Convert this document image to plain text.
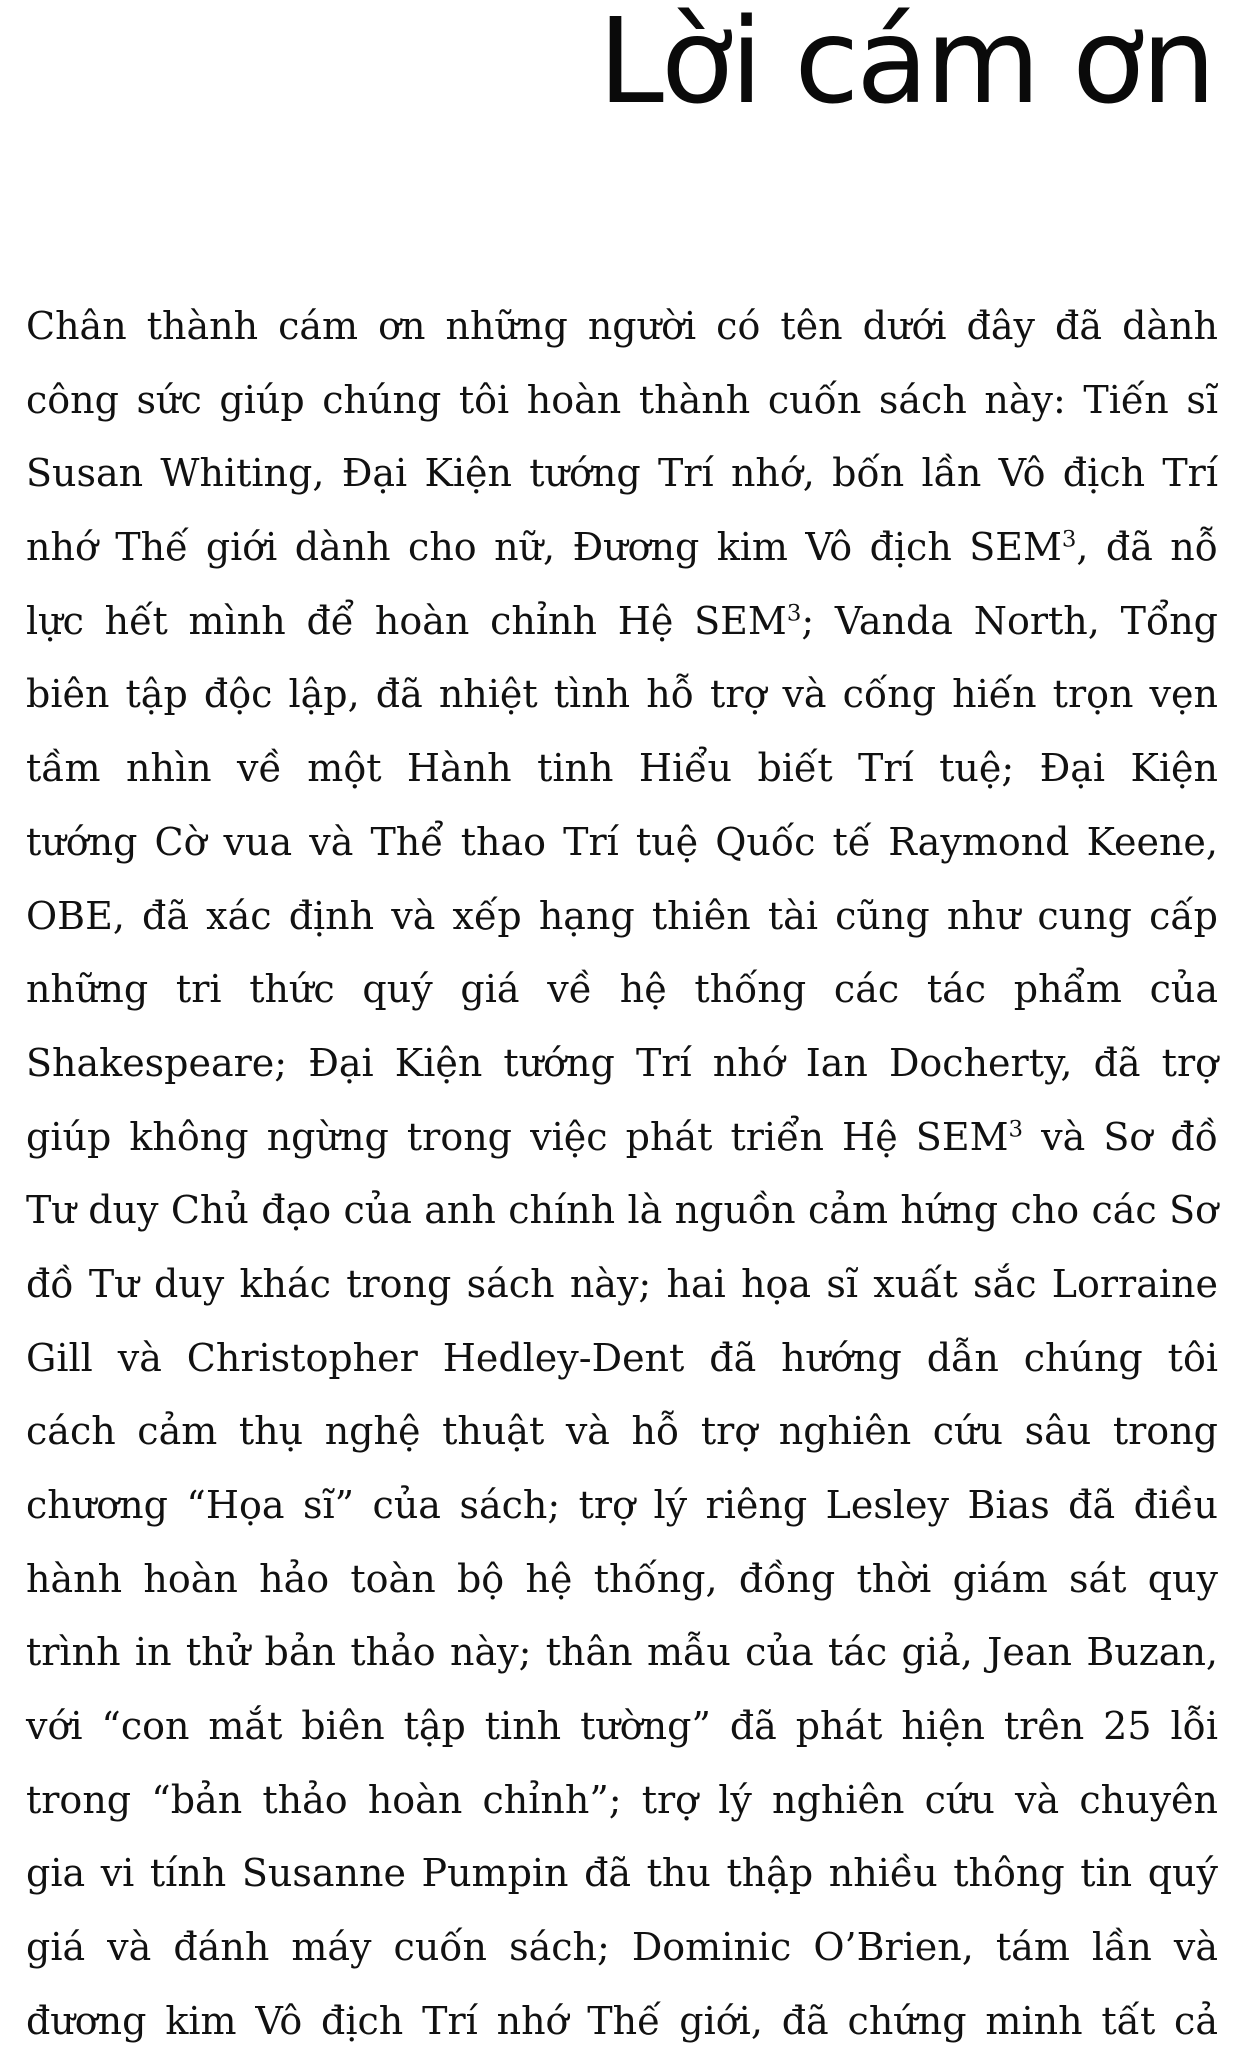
Lời cám ơn
Chân thành cám ơn những người có tên dưới đây đã dành
công sức giúp chúng tôi hoàn thành cuốn sách này: Tiến sĩ
Susan Whiting, Đại Kiện tướng Trí nhớ, bốn lần Vô địch Trí
nhớ Thế giới dành cho nữ, Đương kim Vô địch SEM$^3$, đã nỗ
lực hết mình để hoàn chỉnh Hệ SEM$^3$; Vanda North, Tổng
biên tập độc lập, đã nhiệt tình hỗ trợ và cống hiến trọn vẹn
tầm nhìn về một Hành tinh Hiểu biết Trí tuệ; Đại Kiện
tướng Cờ vua và Thể thao Trí tuệ Quốc tế Raymond Keene,
OBE, đã xác định và xếp hạng thiên tài cũng như cung cấp
những tri thức quý giá về hệ thống các tác phẩm của
Shakespeare; Đại Kiện tướng Trí nhớ Ian Docherty, đã trợ
giúp không ngừng trong việc phát triển Hệ SEM$^3$ và Sơ đồ
Tư duy Chủ đạo của anh chính là nguồn cảm hứng cho các Sơ
đồ Tư duy khác trong sách này; hai họa sĩ xuất sắc Lorraine
Gill và Christopher Hedley-Dent đã hướng dẫn chúng tôi
cách cảm thụ nghệ thuật và hỗ trợ nghiên cứu sâu trong
chương “Họa sĩ” của sách; trợ lý riêng Lesley Bias đã điều
hành hoàn hảo toàn bộ hệ thống, đồng thời giám sát quy
trình in thử bản thảo này; thân mẫu của tác giả, Jean Buzan,
với “con mắt biên tập tinh tường” đã phát hiện trên 25 lỗi
trong “bản thảo hoàn chỉnh”; trợ lý nghiên cứu và chuyên
gia vi tính Susanne Pumpin đã thu thập nhiều thông tin quý
giá và đánh máy cuốn sách; Dominic O’Brien, tám lần và
đương kim Vô địch Trí nhớ Thế giới, đã chứng minh tất cả
